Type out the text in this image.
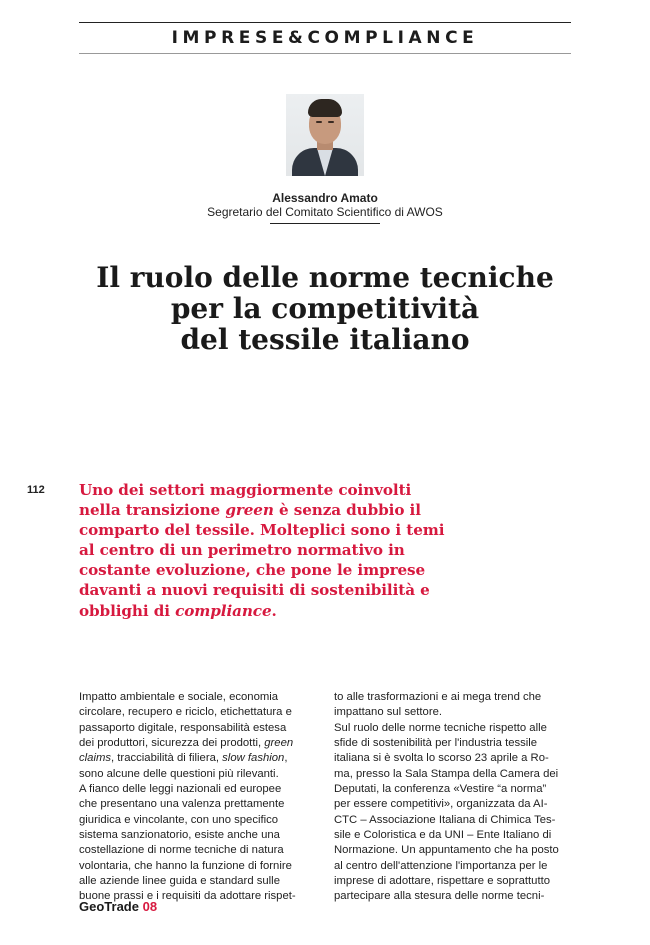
IMPRESE&COMPLIANCE
Alessandro Amato
Segretario del Comitato Scientifico di AWOS
Il ruolo delle norme tecniche
per la competitività
del tessile italiano
112 Uno dei settori maggiormente coinvolti
nella transizione green è senza dubbio il
comparto del tessile. Molteplici sono i temi
al centro di un perimetro normativo in
costante evoluzione, che pone le imprese
davanti a nuovi requisiti di sostenibilità e
obblighi di compliance.
Impatto ambientale e sociale, economia
circolare, recupero e riciclo, etichettatura e
passaporto digitale, responsabilità estesa
dei produttori, sicurezza dei prodotti, green
claims, tracciabilità di filiera, slow fashion,
sono alcune delle questioni più rilevanti.
A fianco delle leggi nazionali ed europee
che presentano una valenza prettamente
giuridica e vincolante, con uno specifico
sistema sanzionatorio, esiste anche una
costellazione di norme tecniche di natura
volontaria, che hanno la funzione di fornire
alle aziende linee guida e standard sulle
buone prassi e i requisiti da adottare rispet-
to alle trasformazioni e ai mega trend che
impattano sul settore.
Sul ruolo delle norme tecniche rispetto alle
sfide di sostenibilità per l'industria tessile
italiana si è svolta lo scorso 23 aprile a Ro-
ma, presso la Sala Stampa della Camera dei
Deputati, la conferenza «Vestire “a norma”
per essere competitivi», organizzata da AI-
CTC – Associazione Italiana di Chimica Tes-
sile e Coloristica e da UNI – Ente Italiano di
Normazione. Un appuntamento che ha posto
al centro dell'attenzione l'importanza per le
imprese di adottare, rispettare e soprattutto
partecipare alla stesura delle norme tecni-
GeoTrade 08
